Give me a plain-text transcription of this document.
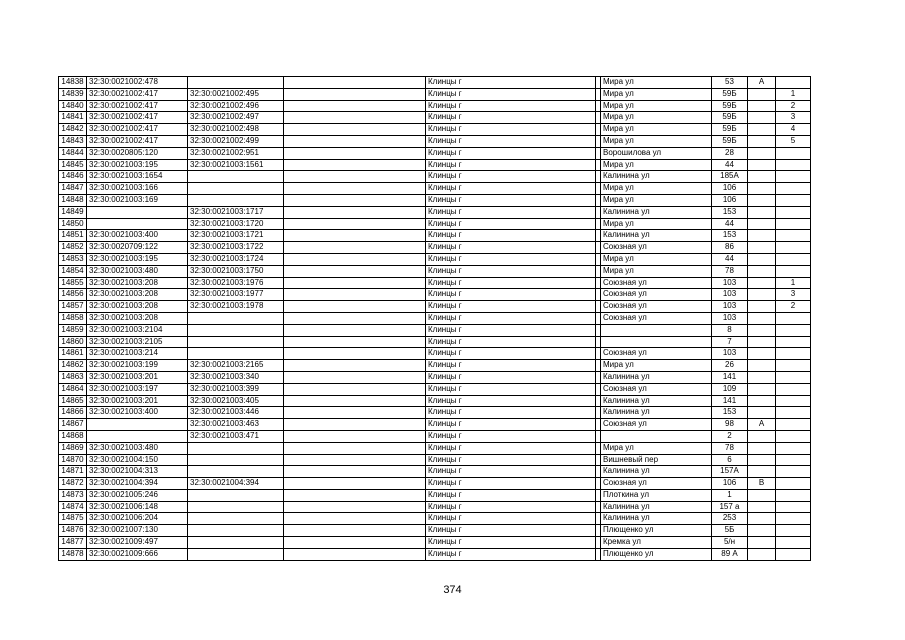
14838	32:30:0021002:478			Клинцы г		Мира ул	53	А	
14839	32:30:0021002:417	32:30:0021002:495		Клинцы г		Мира ул	59Б		1
14840	32:30:0021002:417	32:30:0021002:496		Клинцы г		Мира ул	59Б		2
14841	32:30:0021002:417	32:30:0021002:497		Клинцы г		Мира ул	59Б		3
14842	32:30:0021002:417	32:30:0021002:498		Клинцы г		Мира ул	59Б		4
14843	32:30:0021002:417	32:30:0021002:499		Клинцы г		Мира ул	59Б		5
14844	32:30:0020805:120	32:30:0021002:951		Клинцы г		Ворошилова ул	28		
14845	32:30:0021003:195	32:30:0021003:1561		Клинцы г		Мира ул	44		
14846	32:30:0021003:1654			Клинцы г		Калинина ул	185А		
14847	32:30:0021003:166			Клинцы г		Мира ул	106		
14848	32:30:0021003:169			Клинцы г		Мира ул	106		
14849		32:30:0021003:1717		Клинцы г		Калинина ул	153		
14850		32:30:0021003:1720		Клинцы г		Мира ул	44		
14851	32:30:0021003:400	32:30:0021003:1721		Клинцы г		Калинина ул	153		
14852	32:30:0020709:122	32:30:0021003:1722		Клинцы г		Союзная ул	86		
14853	32:30:0021003:195	32:30:0021003:1724		Клинцы г		Мира ул	44		
14854	32:30:0021003:480	32:30:0021003:1750		Клинцы г		Мира ул	78		
14855	32:30:0021003:208	32:30:0021003:1976		Клинцы г		Союзная ул	103		1
14856	32:30:0021003:208	32:30:0021003:1977		Клинцы г		Союзная ул	103		3
14857	32:30:0021003:208	32:30:0021003:1978		Клинцы г		Союзная ул	103		2
14858	32:30:0021003:208			Клинцы г		Союзная ул	103		
14859	32:30:0021003:2104			Клинцы г			8		
14860	32:30:0021003:2105			Клинцы г			7		
14861	32:30:0021003:214			Клинцы г		Союзная ул	103		
14862	32:30:0021003:199	32:30:0021003:2165		Клинцы г		Мира ул	26		
14863	32:30:0021003:201	32:30:0021003:340		Клинцы г		Калинина ул	141		
14864	32:30:0021003:197	32:30:0021003:399		Клинцы г		Союзная ул	109		
14865	32:30:0021003:201	32:30:0021003:405		Клинцы г		Калинина ул	141		
14866	32:30:0021003:400	32:30:0021003:446		Клинцы г		Калинина ул	153		
14867		32:30:0021003:463		Клинцы г		Союзная ул	98	А	
14868		32:30:0021003:471		Клинцы г			2		
14869	32:30:0021003:480			Клинцы г		Мира ул	78		
14870	32:30:0021004:150			Клинцы г		Вишневый пер	6		
14871	32:30:0021004:313			Клинцы г		Калинина ул	157А		
14872	32:30:0021004:394	32:30:0021004:394		Клинцы г		Союзная ул	106	В	
14873	32:30:0021005:246			Клинцы г		Плоткина ул	1		
14874	32:30:0021006:148			Клинцы г		Калинина ул	157 а		
14875	32:30:0021006:204			Клинцы г		Калинина ул	253		
14876	32:30:0021007:130			Клинцы г		Плющенко ул	5Б		
14877	32:30:0021009:497			Клинцы г		Кремка ул	5/н		
14878	32:30:0021009:666			Клинцы г		Плющенко ул	89 А		
374
